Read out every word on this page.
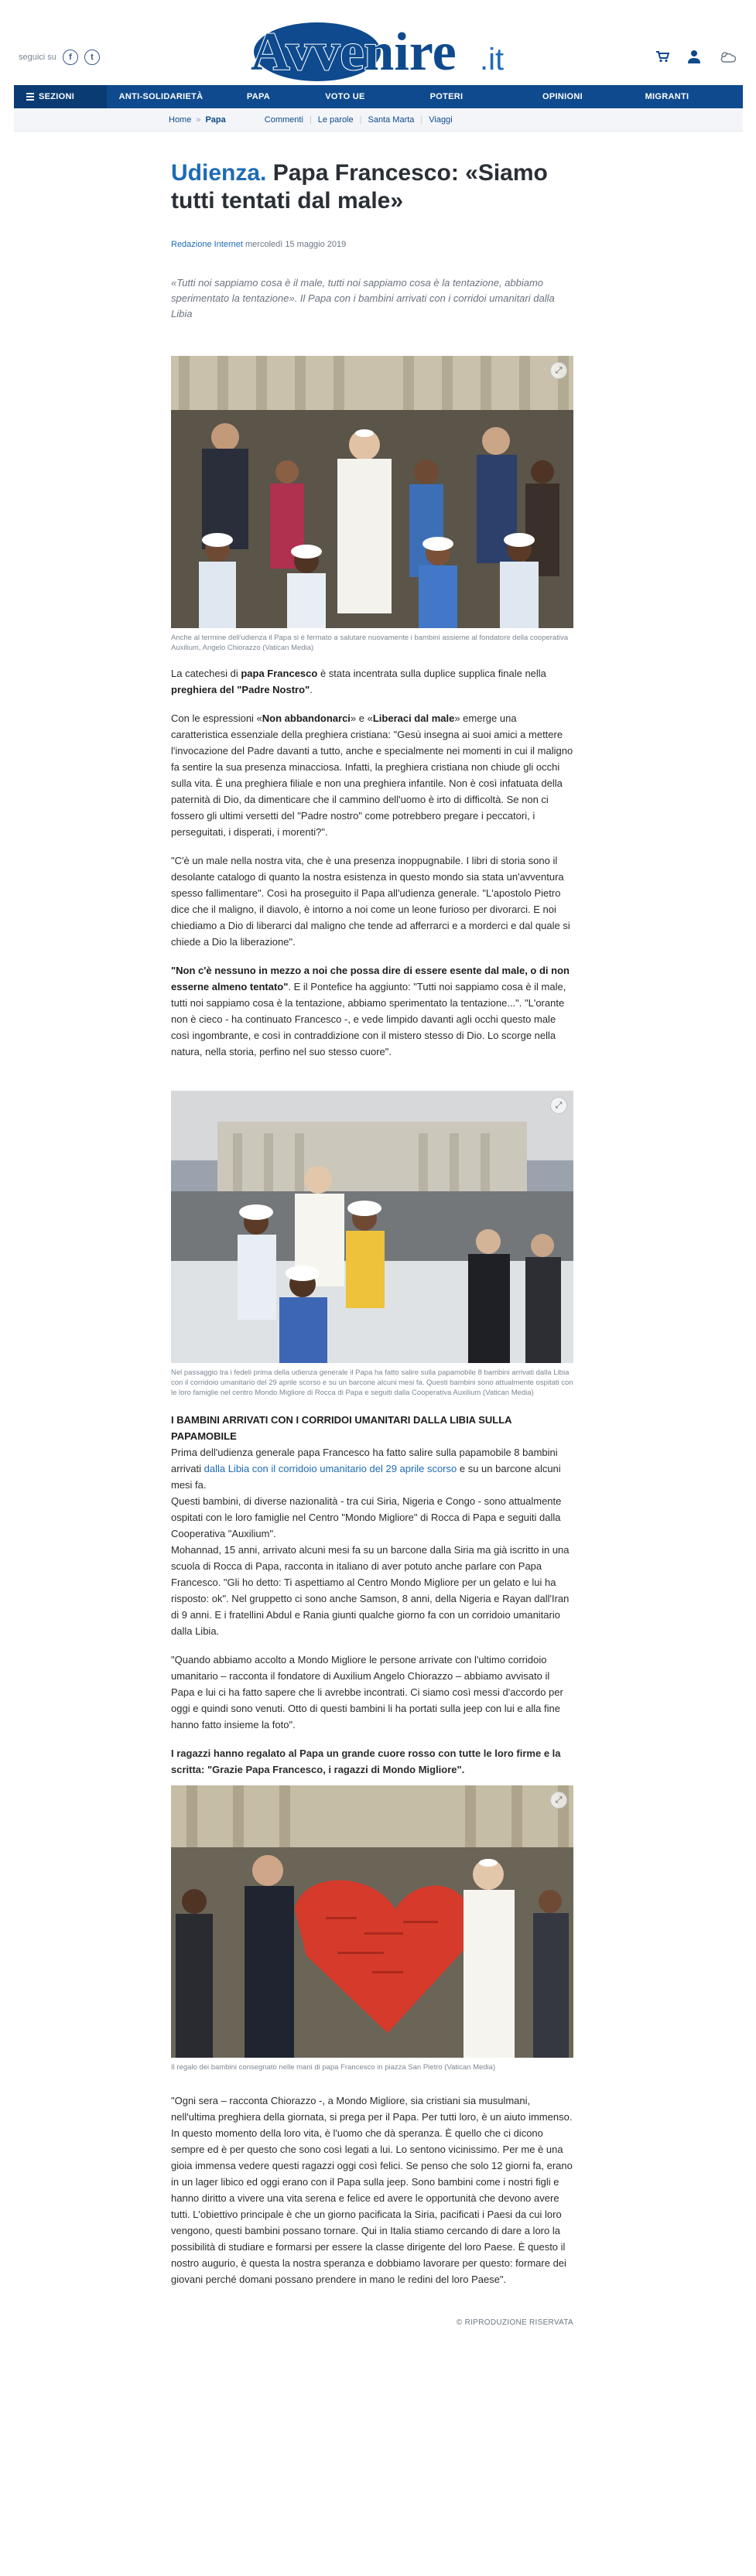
seguici su	f	t	Avvenire .it
SEZIONI	ANTI-SOLIDARIETÀ	PAPA	VOTO UE	POTERI	OPINIONI	MIGRANTI
Home » Papa	Commenti | Le parole | Santa Marta | Viaggi
Udienza. Papa Francesco: «Siamo tutti tentati dal male»
Redazione Internet mercoledì 15 maggio 2019

«Tutti noi sappiamo cosa è il male, tutti noi sappiamo cosa è la tentazione, abbiamo sperimentato la tentazione». Il Papa con i bambini arrivati con i corridoi umanitari dalla Libia

⤢

Anche al termine dell'udienza il Papa si è fermato a salutare nuovamente i bambini assieme al fondatore della cooperativa Auxilium, Angelo Chiorazzo (Vatican Media)

La catechesi di papa Francesco è stata incentrata sulla duplice supplica finale nella preghiera del "Padre Nostro".

Con le espressioni «Non abbandonarci» e «Liberaci dal male» emerge una caratteristica essenziale della preghiera cristiana: "Gesù insegna ai suoi amici a mettere l'invocazione del Padre davanti a tutto, anche e specialmente nei momenti in cui il maligno fa sentire la sua presenza minacciosa. Infatti, la preghiera cristiana non chiude gli occhi sulla vita. È una preghiera filiale e non una preghiera infantile. Non è così infatuata della paternità di Dio, da dimenticare che il cammino dell'uomo è irto di difficoltà. Se non ci fossero gli ultimi versetti del "Padre nostro" come potrebbero pregare i peccatori, i perseguitati, i disperati, i morenti?".

"C'è un male nella nostra vita, che è una presenza inoppugnabile. I libri di storia sono il desolante catalogo di quanto la nostra esistenza in questo mondo sia stata un'avventura spesso fallimentare". Così ha proseguito il Papa all'udienza generale. "L'apostolo Pietro dice che il maligno, il diavolo, è intorno a noi come un leone furioso per divorarci. E noi chiediamo a Dio di liberarci dal maligno che tende ad afferrarci e a morderci e dal quale si chiede a Dio la liberazione".

"Non c'è nessuno in mezzo a noi che possa dire di essere esente dal male, o di non esserne almeno tentato". E il Pontefice ha aggiunto: "Tutti noi sappiamo cosa è il male, tutti noi sappiamo cosa è la tentazione, abbiamo sperimentato la tentazione...". "L'orante non è cieco - ha continuato Francesco -, e vede limpido davanti agli occhi questo male così ingombrante, e così in contraddizione con il mistero stesso di Dio. Lo scorge nella natura, nella storia, perfino nel suo stesso cuore".

⤢

Nel passaggio tra i fedeli prima della udienza generale il Papa ha fatto salire sulla papamobile 8 bambini arrivati dalla Libia con il corridoio umanitario del 29 aprile scorso e su un barcone alcuni mesi fa. Questi bambini sono attualmente ospitati con le loro famiglie nel centro Mondo Migliore di Rocca di Papa e seguiti dalla Cooperativa Auxilium (Vatican Media)

I BAMBINI ARRIVATI CON I CORRIDOI UMANITARI DALLA LIBIA SULLA PAPAMOBILE

Prima dell'udienza generale papa Francesco ha fatto salire sulla papamobile 8 bambini arrivati dalla Libia con il corridoio umanitario del 29 aprile scorso e su un barcone alcuni mesi fa.

Questi bambini, di diverse nazionalità - tra cui Siria, Nigeria e Congo - sono attualmente ospitati con le loro famiglie nel Centro "Mondo Migliore" di Rocca di Papa e seguiti dalla Cooperativa "Auxilium".

Mohannad, 15 anni, arrivato alcuni mesi fa su un barcone dalla Siria ma già iscritto in una scuola di Rocca di Papa, racconta in italiano di aver potuto anche parlare con Papa Francesco. "Gli ho detto: Ti aspettiamo al Centro Mondo Migliore per un gelato e lui ha risposto: ok". Nel gruppetto ci sono anche Samson, 8 anni, della Nigeria e Rayan dall'Iran di 9 anni. E i fratellini Abdul e Rania giunti qualche giorno fa con un corridoio umanitario dalla Libia.

"Quando abbiamo accolto a Mondo Migliore le persone arrivate con l'ultimo corridoio umanitario – racconta il fondatore di Auxilium Angelo Chiorazzo – abbiamo avvisato il Papa e lui ci ha fatto sapere che li avrebbe incontrati. Ci siamo così messi d'accordo per oggi e quindi sono venuti. Otto di questi bambini li ha portati sulla jeep con lui e alla fine hanno fatto insieme la foto".

I ragazzi hanno regalato al Papa un grande cuore rosso con tutte le loro firme e la scritta: "Grazie Papa Francesco, i ragazzi di Mondo Migliore".

⤢

Il regalo dei bambini consegnato nelle mani di papa Francesco in piazza San Pietro (Vatican Media)

"Ogni sera – racconta Chiorazzo -, a Mondo Migliore, sia cristiani sia musulmani, nell'ultima preghiera della giornata, si prega per il Papa. Per tutti loro, è un aiuto immenso. In questo momento della loro vita, è l'uomo che dà speranza. È quello che ci dicono sempre ed è per questo che sono così legati a lui. Lo sentono vicinissimo. Per me è una gioia immensa vedere questi ragazzi oggi così felici. Se penso che solo 12 giorni fa, erano in un lager libico ed oggi erano con il Papa sulla jeep. Sono bambini come i nostri figli e hanno diritto a vivere una vita serena e felice ed avere le opportunità che devono avere tutti. L'obiettivo principale è che un giorno pacificata la Siria, pacificati i Paesi da cui loro vengono, questi bambini possano tornare. Qui in Italia stiamo cercando di dare a loro la possibilità di studiare e formarsi per essere la classe dirigente del loro Paese. È questo il nostro augurio, è questa la nostra speranza e dobbiamo lavorare per questo: formare dei giovani perché domani possano prendere in mano le redini del loro Paese".

© RIPRODUZIONE RISERVATA
